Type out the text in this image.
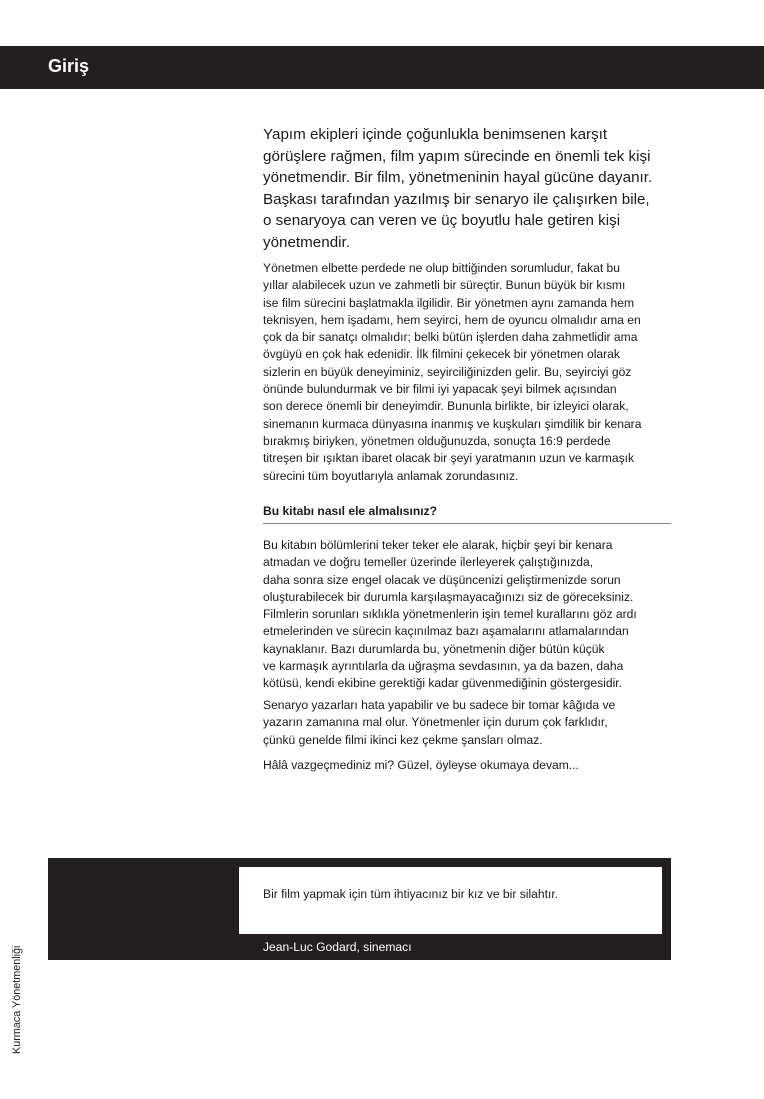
Giriş

Yapım ekipleri içinde çoğunlukla benimsenen karşıt
görüşlere rağmen, film yapım sürecinde en önemli tek kişi
yönetmendir. Bir film, yönetmeninin hayal gücüne dayanır.
Başkası tarafından yazılmış bir senaryo ile çalışırken bile,
o senaryoya can veren ve üç boyutlu hale getiren kişi
yönetmendir.

Yönetmen elbette perdede ne olup bittiğinden sorumludur, fakat bu
yıllar alabilecek uzun ve zahmetli bir süreçtir. Bunun büyük bir kısmı
ise film sürecini başlatmakla ilgilidir. Bir yönetmen aynı zamanda hem
teknisyen, hem işadamı, hem seyirci, hem de oyuncu olmalıdır ama en
çok da bir sanatçı olmalıdır; belki bütün işlerden daha zahmetlidir ama
övgüyü en çok hak edenidir. İlk filmini çekecek bir yönetmen olarak
sizlerin en büyük deneyiminiz, seyirciliğinizden gelir. Bu, seyirciyi göz
önünde bulundurmak ve bir filmi iyi yapacak şeyi bilmek açısından
son derece önemli bir deneyimdir. Bununla birlikte, bir izleyici olarak,
sinemanın kurmaca dünyasına inanmış ve kuşkuları şimdilik bir kenara
bırakmış biriyken, yönetmen olduğunuzda, sonuçta 16:9 perdede
titreşen bir ışıktan ibaret olacak bir şeyi yaratmanın uzun ve karmaşık
sürecini tüm boyutlarıyla anlamak zorundasınız.

Bu kitabı nasıl ele almalısınız?

Bu kitabın bölümlerini teker teker ele alarak, hiçbir şeyi bir kenara
atmadan ve doğru temeller üzerinde ilerleyerek çalıştığınızda,
daha sonra size engel olacak ve düşüncenizi geliştirmenizde sorun
oluşturabilecek bir durumla karşılaşmayacağınızı siz de göreceksiniz.
Filmlerin sorunları sıklıkla yönetmenlerin işin temel kurallarını göz ardı
etmelerinden ve sürecin kaçınılmaz bazı aşamalarını atlamalarından
kaynaklanır. Bazı durumlarda bu, yönetmenin diğer bütün küçük
ve karmaşık ayrıntılarla da uğraşma sevdasının, ya da bazen, daha
kötüsü, kendi ekibine gerektiği kadar güvenmediğinin göstergesidir.

Senaryo yazarları hata yapabilir ve bu sadece bir tomar kâğıda ve
yazarın zamanına mal olur. Yönetmenler için durum çok farklıdır,
çünkü genelde filmi ikinci kez çekme şansları olmaz.

Hâlâ vazgeçmediniz mi? Güzel, öyleyse okumaya devam...

Bir film yapmak için tüm ihtiyacınız bir kız ve bir silahtır.

Jean-Luc Godard, sinemacı
Kurmaca Yönetmenliği
